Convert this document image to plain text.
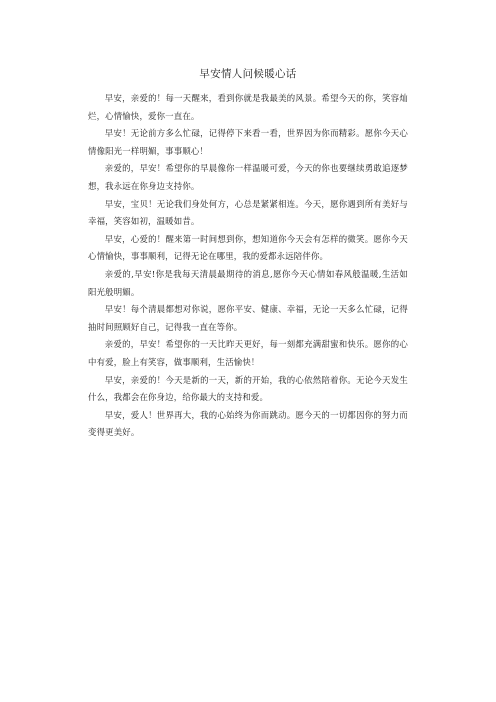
早安情人问候暖心话

早安，亲爱的！每一天醒来，看到你就是我最美的风景。希望今天的你，笑容灿烂，心情愉快，爱你一直在。

早安！无论前方多么忙碌，记得停下来看一看，世界因为你而精彩。愿你今天心情像阳光一样明媚，事事顺心！

亲爱的，早安！希望你的早晨像你一样温暖可爱，今天的你也要继续勇敢追逐梦想，我永远在你身边支持你。

早安，宝贝！无论我们身处何方，心总是紧紧相连。今天，愿你遇到所有美好与幸福，笑容如初，温暖如昔。

早安，心爱的！醒来第一时间想到你，想知道你今天会有怎样的微笑。愿你今天心情愉快，事事顺利，记得无论在哪里，我的爱都永远陪伴你。

亲爱的,早安!你是我每天清晨最期待的消息,愿你今天心情如春风般温暖,生活如阳光般明媚。

早安！每个清晨都想对你说，愿你平安、健康、幸福，无论一天多么忙碌，记得抽时间照顾好自己，记得我一直在等你。

亲爱的，早安！希望你的一天比昨天更好，每一刻都充满甜蜜和快乐。愿你的心中有爱，脸上有笑容，做事顺利，生活愉快！

早安，亲爱的！今天是新的一天，新的开始，我的心依然陪着你。无论今天发生什么，我都会在你身边，给你最大的支持和爱。

早安，爱人！世界再大，我的心始终为你而跳动。愿今天的一切都因你的努力而变得更美好。
